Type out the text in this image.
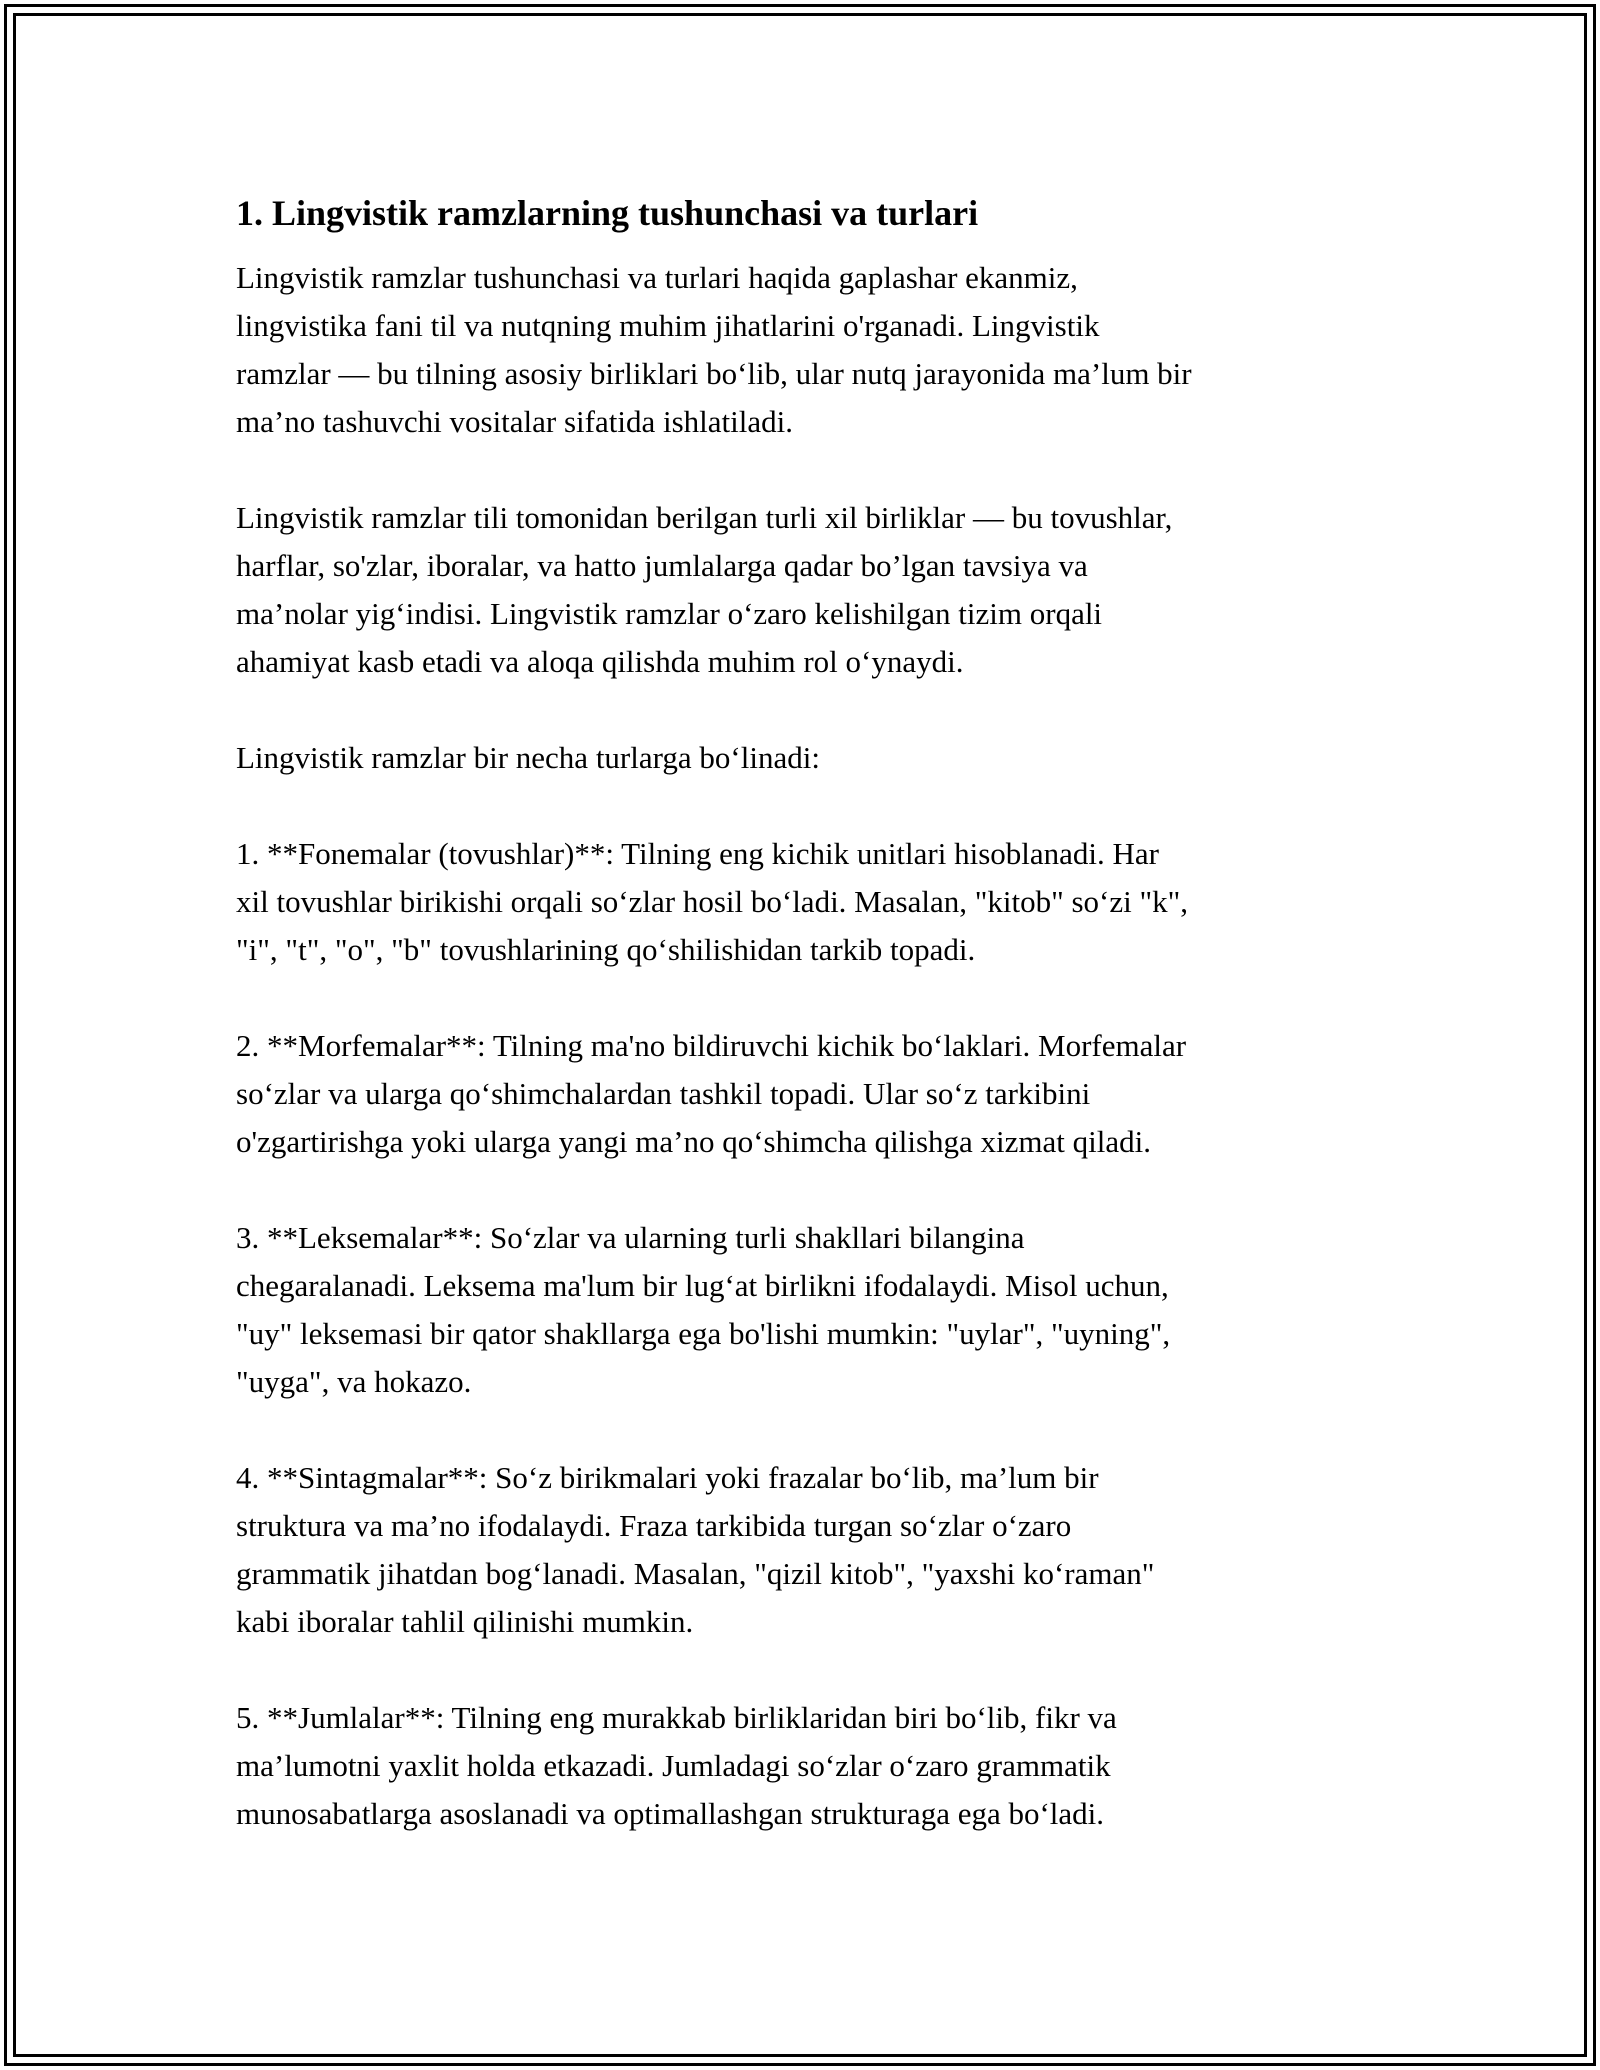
1. Lingvistik ramzlarning tushunchasi va turlari

Lingvistik ramzlar tushunchasi va turlari haqida gaplashar ekanmiz,
lingvistika fani til va nutqning muhim jihatlarini o'rganadi. Lingvistik
ramzlar — bu tilning asosiy birliklari bo‘lib, ular nutq jarayonida ma’lum bir
ma’no tashuvchi vositalar sifatida ishlatiladi.

Lingvistik ramzlar tili tomonidan berilgan turli xil birliklar — bu tovushlar,
harflar, so'zlar, iboralar, va hatto jumlalarga qadar bo’lgan tavsiya va
ma’nolar yig‘indisi. Lingvistik ramzlar o‘zaro kelishilgan tizim orqali
ahamiyat kasb etadi va aloqa qilishda muhim rol o‘ynaydi.

Lingvistik ramzlar bir necha turlarga bo‘linadi:

1. **Fonemalar (tovushlar)**: Tilning eng kichik unitlari hisoblanadi. Har
xil tovushlar birikishi orqali so‘zlar hosil bo‘ladi. Masalan, "kitob" so‘zi "k",
"i", "t", "o", "b" tovushlarining qo‘shilishidan tarkib topadi.

2. **Morfemalar**: Tilning ma'no bildiruvchi kichik bo‘laklari. Morfemalar
so‘zlar va ularga qo‘shimchalardan tashkil topadi. Ular so‘z tarkibini
o'zgartirishga yoki ularga yangi ma’no qo‘shimcha qilishga xizmat qiladi.

3. **Leksemalar**: So‘zlar va ularning turli shakllari bilangina
chegaralanadi. Leksema ma'lum bir lug‘at birlikni ifodalaydi. Misol uchun,
"uy" leksemasi bir qator shakllarga ega bo'lishi mumkin: "uylar", "uyning",
"uyga", va hokazo.

4. **Sintagmalar**: So‘z birikmalari yoki frazalar bo‘lib, ma’lum bir
struktura va ma’no ifodalaydi. Fraza tarkibida turgan so‘zlar o‘zaro
grammatik jihatdan bog‘lanadi. Masalan, "qizil kitob", "yaxshi ko‘raman"
kabi iboralar tahlil qilinishi mumkin.

5. **Jumlalar**: Tilning eng murakkab birliklaridan biri bo‘lib, fikr va
ma’lumotni yaxlit holda etkazadi. Jumladagi so‘zlar o‘zaro grammatik
munosabatlarga asoslanadi va optimallashgan strukturaga ega bo‘ladi.
